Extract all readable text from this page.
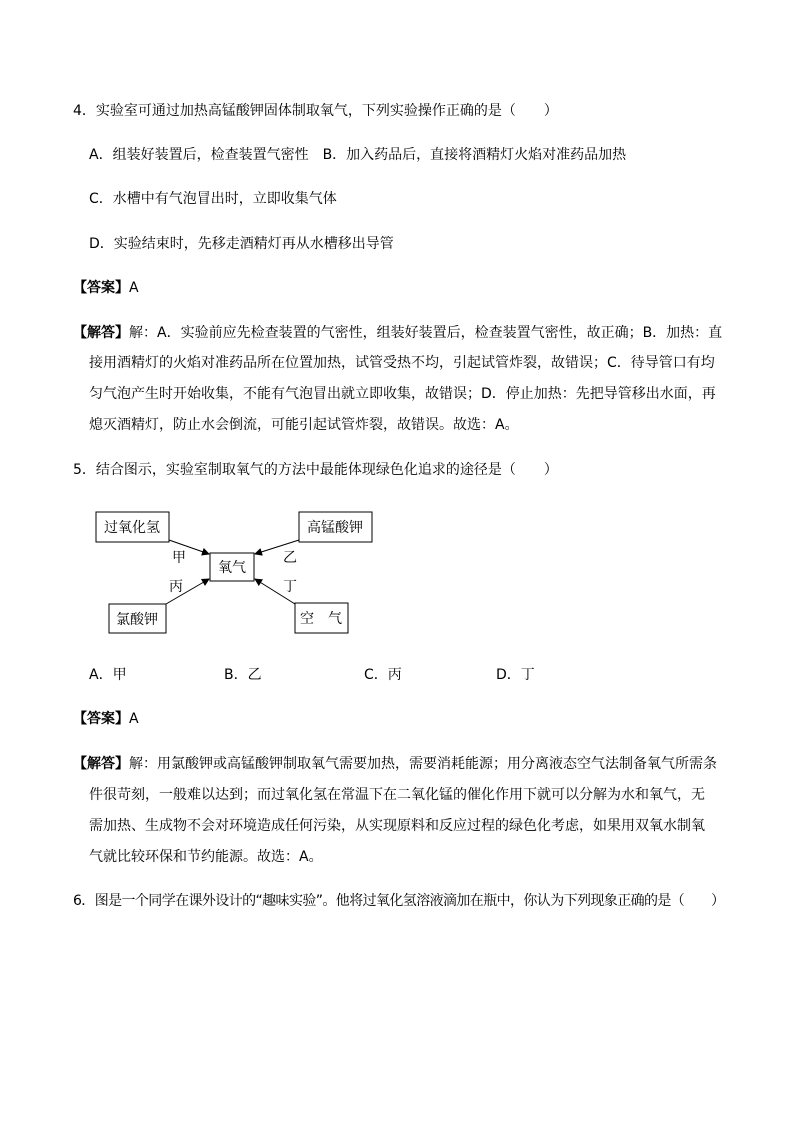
4．实验室可通过加热高锰酸钾固体制取氧气，下列实验操作正确的是（　　）
A．组装好装置后，检查装置气密性　B．加入药品后，直接将酒精灯火焰对准药品加热
C．水槽中有气泡冒出时，立即收集气体
D．实验结束时，先移走酒精灯再从水槽移出导管
【答案】A
【解答】解：A．实验前应先检查装置的气密性，组装好装置后，检查装置气密性，故正确；B．加热：直
接用酒精灯的火焰对准药品所在位置加热，试管受热不均，引起试管炸裂，故错误；C．待导管口有均
匀气泡产生时开始收集，不能有气泡冒出就立即收集，故错误；D．停止加热：先把导管移出水面，再
熄灭酒精灯，防止水会倒流，可能引起试管炸裂，故错误。故选：A。
5．结合图示，实验室制取氧气的方法中最能体现绿色化追求的途径是（　　）
过氧化氢	高锰酸钾
氧气
氯酸钾	空　气
甲	乙
丙	丁
A．甲	B．乙	C．丙	D．丁
【答案】A
【解答】解：用氯酸钾或高锰酸钾制取氧气需要加热，需要消耗能源；用分离液态空气法制备氧气所需条
件很苛刻，一般难以达到；而过氧化氢在常温下在二氧化锰的催化作用下就可以分解为水和氧气，无
需加热、生成物不会对环境造成任何污染，从实现原料和反应过程的绿色化考虑，如果用双氧水制氧
气就比较环保和节约能源。故选：A。
6．图是一个同学在课外设计的“趣味实验”。他将过氧化氢溶液滴加在瓶中，你认为下列现象正确的是（　　）
